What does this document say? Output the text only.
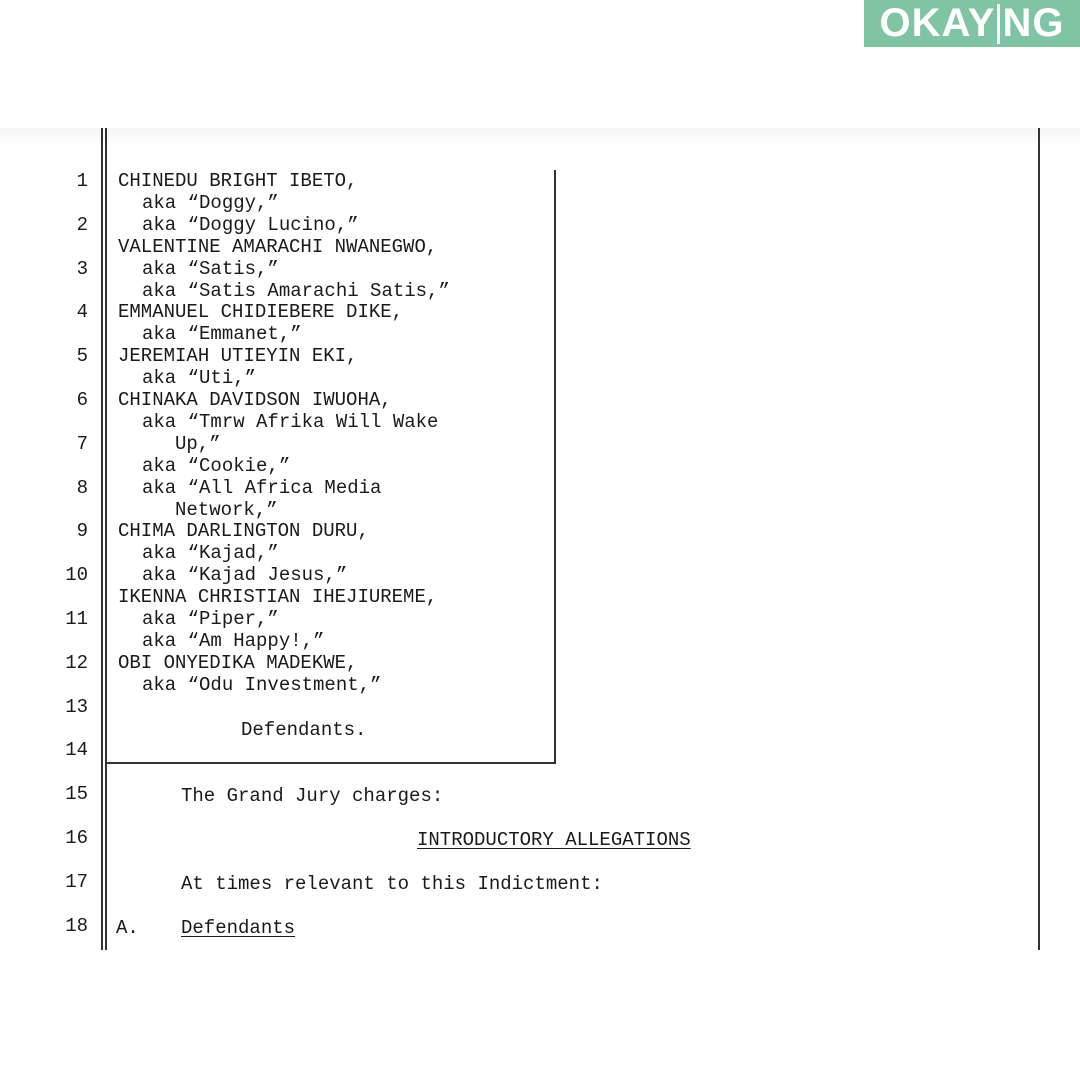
OKAY NG
1
2
3
4
5
6
7
8
9
10
11
12
13
14
15
16
17
18
CHINEDU BRIGHT IBETO,
aka “Doggy,”
aka “Doggy Lucino,”
VALENTINE AMARACHI NWANEGWO,
aka “Satis,”
aka “Satis Amarachi Satis,”
EMMANUEL CHIDIEBERE DIKE,
aka “Emmanet,”
JEREMIAH UTIEYIN EKI,
aka “Uti,”
CHINAKA DAVIDSON IWUOHA,
aka “Tmrw Afrika Will Wake
Up,”
aka “Cookie,”
aka “All Africa Media
Network,”
CHIMA DARLINGTON DURU,
aka “Kajad,”
aka “Kajad Jesus,”
IKENNA CHRISTIAN IHEJIUREME,
aka “Piper,”
aka “Am Happy!,”
OBI ONYEDIKA MADEKWE,
aka “Odu Investment,”
Defendants.
The Grand Jury charges:
INTRODUCTORY ALLEGATIONS
At times relevant to this Indictment:
A. Defendants
